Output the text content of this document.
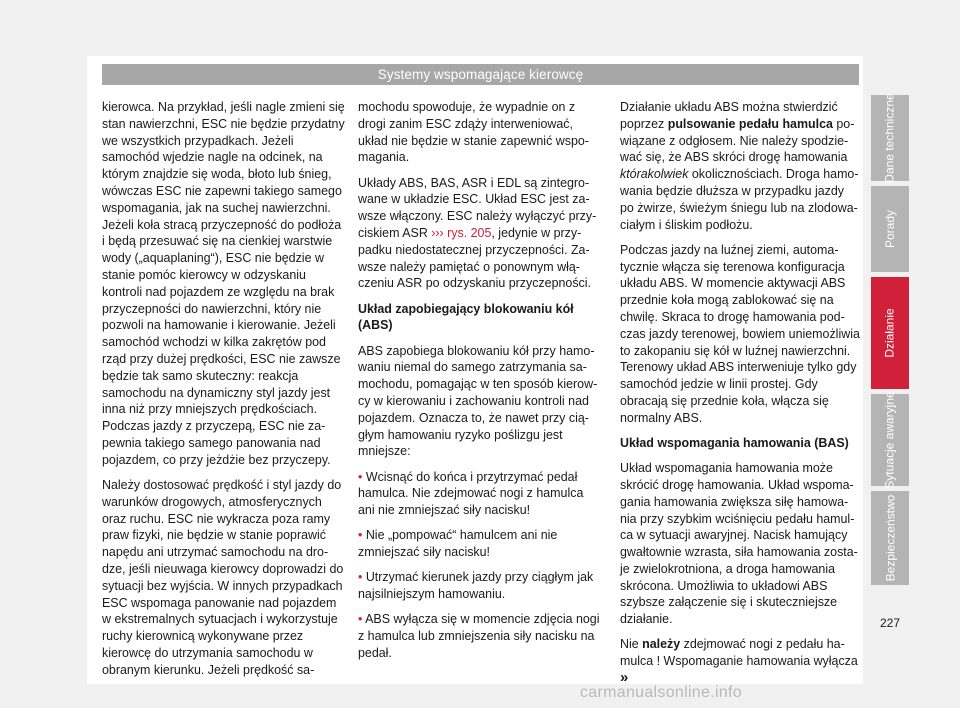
Systemy wspomagające kierowcę

kierowca. Na przykład, jeśli nagle zmieni się stan nawierzchni, ESC nie będzie przydatny we wszystkich przypadkach. Jeżeli samochód wjedzie nagle na odcinek, na którym znajdzie się woda, błoto lub śnieg, wówczas ESC nie zapewni takiego samego wspomagania, jak na suchej nawierzchni. Jeżeli koła stracą przyczepność do podłoża i będą przesuwać się na cienkiej warstwie wody („aquaplaning“), ESC nie będzie w stanie pomóc kierowcy w odzyskaniu kontroli nad pojazdem ze względu na brak przyczepności do nawierzchni, który nie pozwoli na hamowanie i kierowanie. Jeżeli samochód wchodzi w kilka zakrętów pod rząd przy dużej prędkości, ESC nie zawsze będzie tak samo skuteczny: reakcja samochodu na dynamiczny styl jazdy jest inna niż przy mniejszych prędkościach. Podczas jazdy z przyczepą, ESC nie zapewnia takiego samego panowania nad pojazdem, co przy jeżdżie bez przyczepy.

Należy dostosować prędkość i styl jazdy do warunków drogowych, atmosferycznych oraz ruchu. ESC nie wykracza poza ramy praw fizyki, nie będzie w stanie poprawić napędu ani utrzymać samochodu na drodze, jeśli nieuwaga kierowcy doprowadzi do sytuacji bez wyjścia. W innych przypadkach ESC wspomaga panowanie nad pojazdem w ekstremalnych sytuacjach i wykorzystuje ruchy kierownicą wykonywane przez kierowcę do utrzymania samochodu w obranym kierunku. Jeżeli prędkość sa-

mochodu spowoduje, że wypadnie on z drogi zanim ESC zdąży interweniować, układ nie będzie w stanie zapewnić wspomagania.

Układy ABS, BAS, ASR i EDL są zintegrowane w układzie ESC. Układ ESC jest zawsze włączony. ESC należy wyłączyć przyciskiem ASR ››› rys. 205, jedynie w przypadku niedostatecznej przyczepności. Zawsze należy pamiętać o ponownym włączeniu ASR po odzyskaniu przyczepności.

Układ zapobiegający blokowaniu kół (ABS)

ABS zapobiega blokowaniu kół przy hamowaniu niemal do samego zatrzymania samochodu, pomagając w ten sposób kierowcy w kierowaniu i zachowaniu kontroli nad pojazdem. Oznacza to, że nawet przy ciągłym hamowaniu ryzyko poślizgu jest mniejsze:

• Wcisnąć do końca i przytrzymać pedał hamulca. Nie zdejmować nogi z hamulca ani nie zmniejszać siły nacisku!

• Nie „pompować“ hamulcem ani nie zmniejszać siły nacisku!

• Utrzymać kierunek jazdy przy ciągłym jak najsilniejszym hamowaniu.

• ABS wyłącza się w momencie zdjęcia nogi z hamulca lub zmniejszenia siły nacisku na pedał.

Działanie układu ABS można stwierdzić poprzez pulsowanie pedału hamulca powiązane z odgłosem. Nie należy spodziewać się, że ABS skróci drogę hamowania którakolwiek okolicznościach. Droga hamowania będzie dłuższa w przypadku jazdy po żwirze, świeżym śniegu lub na zlodowaciałym i śliskim podłożu.

Podczas jazdy na luźnej ziemi, automatycznie włącza się terenowa konfiguracja układu ABS. W momencie aktywacji ABS przednie koła mogą zablokować się na chwilę. Skraca to drogę hamowania podczas jazdy terenowej, bowiem uniemożliwia to zakopaniu się kół w luźnej nawierzchni. Terenowy układ ABS interweniuje tylko gdy samochód jedzie w linii prostej. Gdy obracają się przednie koła, włącza się normalny ABS.

Układ wspomagania hamowania (BAS)

Układ wspomagania hamowania może skrócić drogę hamowania. Układ wspomagania hamowania zwiększa siłę hamowania przy szybkim wciśnięciu pedału hamulca w sytuacji awaryjnej. Nacisk hamujący gwałtownie wzrasta, siła hamowania zostaje zwielokrotniona, a droga hamowania skrócona. Umożliwia to układowi ABS szybsze załączenie się i skuteczniejsze działanie.

Nie należy zdejmować nogi z pedału hamulca ! Wspomaganie hamowania wyłącza »

Dane techniczne
Porady
Działanie
Sytuacje awaryjne
Bezpieczeństwo
227
carmanualsonline.info
